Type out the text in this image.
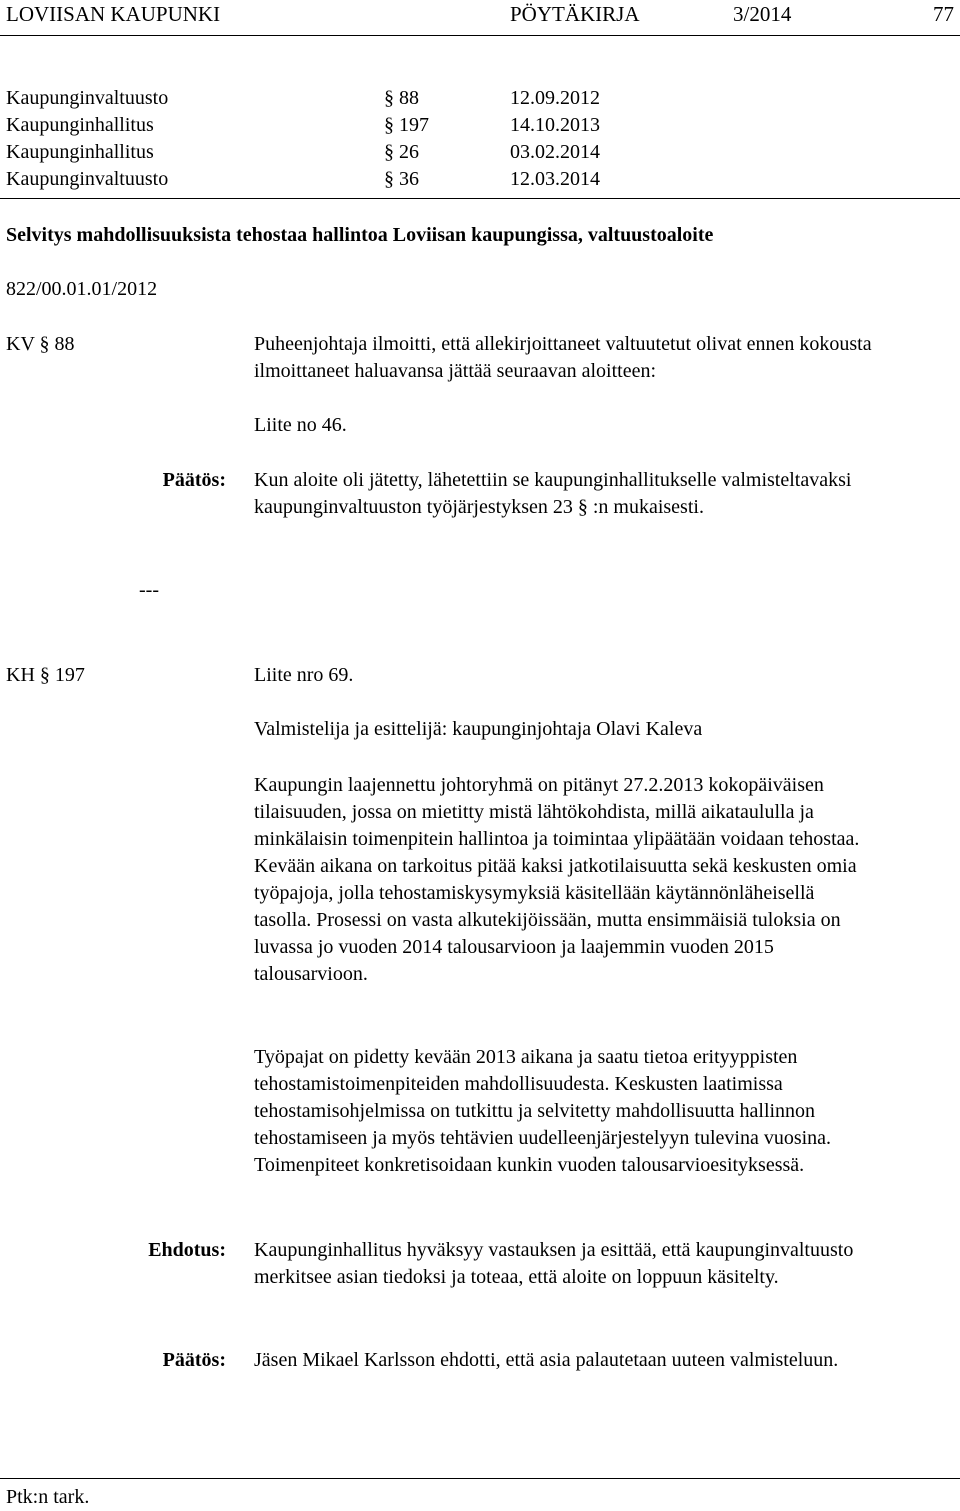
LOVIISAN KAUPUNKI	PÖYTÄKIRJA	3/2014	77
Kaupunginvaltuusto	§ 88	12.09.2012
Kaupunginhallitus	§ 197	14.10.2013
Kaupunginhallitus	§ 26	03.02.2014
Kaupunginvaltuusto	§ 36	12.03.2014
Selvitys mahdollisuuksista tehostaa hallintoa Loviisan kaupungissa, valtuustoaloite
822/00.01.01/2012
KV § 88	Puheenjohtaja ilmoitti, että allekirjoittaneet valtuutetut olivat ennen kokousta ilmoittaneet haluavansa jättää seuraavan aloitteen:
Liite no 46.
Päätös: Kun aloite oli jätetty, lähetettiin se kaupunginhallitukselle valmisteltavaksi kaupunginvaltuuston työjärjestyksen 23 § :n mukaisesti.
---
KH § 197	Liite nro 69.
Valmistelija ja esittelijä: kaupunginjohtaja Olavi Kaleva
Kaupungin laajennettu johtoryhmä on pitänyt 27.2.2013 kokopäiväisen tilaisuuden, jossa on mietitty mistä lähtökohdista, millä aikataululla ja minkälaisin toimenpitein hallintoa ja toimintaa ylipäätään voidaan tehostaa. Kevään aikana on tarkoitus pitää kaksi jatkotilaisuutta sekä keskusten omia työpajoja, jolla tehostamiskysymyksiä käsitellään käytännönläheisellä tasolla. Prosessi on vasta alkutekijöissään, mutta ensimmäisiä tuloksia on luvassa jo vuoden 2014 talousarvioon ja laajemmin vuoden 2015 talousarvioon.
Työpajat on pidetty kevään 2013 aikana ja saatu tietoa erityyppisten tehostamistoimenpiteiden mahdollisuudesta. Keskusten laatimissa tehostamisohjelmissa on tutkittu ja selvitetty mahdollisuutta hallinnon tehostamiseen ja myös tehtävien uudelleenjärjestelyyn tulevina vuosina. Toimenpiteet konkretisoidaan kunkin vuoden talousarvioesityksessä.
Ehdotus: Kaupunginhallitus hyväksyy vastauksen ja esittää, että kaupunginvaltuusto merkitsee asian tiedoksi ja toteaa, että aloite on loppuun käsitelty.
Päätös: Jäsen Mikael Karlsson ehdotti, että asia palautetaan uuteen valmisteluun.
Ptk:n tark.
